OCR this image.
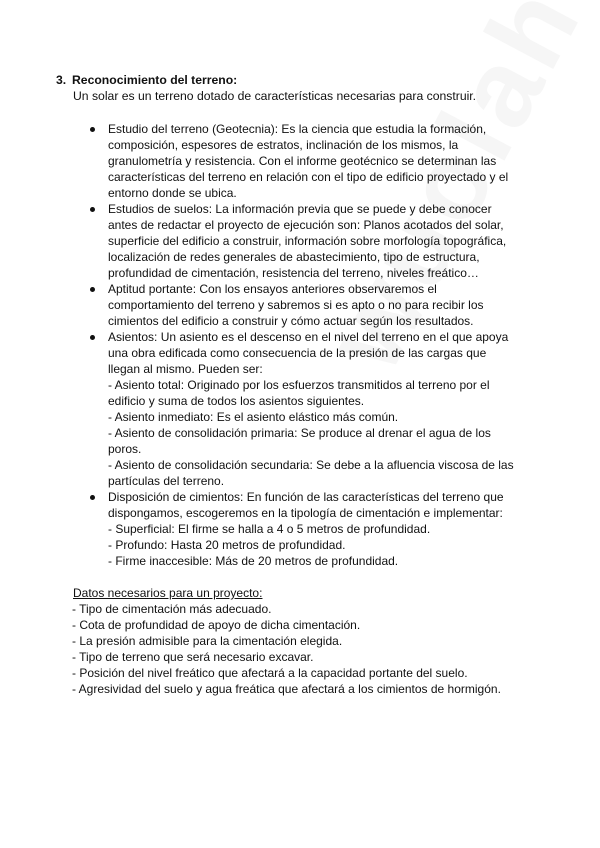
3. Reconocimiento del terreno:
Un solar es un terreno dotado de características necesarias para construir.
Estudio del terreno (Geotecnia): Es la ciencia que estudia la formación, composición, espesores de estratos, inclinación de los mismos, la granulometría y resistencia. Con el informe geotécnico se determinan las características del terreno en relación con el tipo de edificio proyectado y el entorno donde se ubica.
Estudios de suelos: La información previa que se puede y debe conocer antes de redactar el proyecto de ejecución son: Planos acotados del solar, superficie del edificio a construir, información sobre morfología topográfica, localización de redes generales de abastecimiento, tipo de estructura, profundidad de cimentación, resistencia del terreno, niveles freático…
Aptitud portante: Con los ensayos anteriores observaremos el comportamiento del terreno y sabremos si es apto o no para recibir los cimientos del edificio a construir y cómo actuar según los resultados.
Asientos: Un asiento es el descenso en el nivel del terreno en el que apoya una obra edificada como consecuencia de la presión de las cargas que llegan al mismo. Pueden ser:
- Asiento total: Originado por los esfuerzos transmitidos al terreno por el edificio y suma de todos los asientos siguientes.
- Asiento inmediato: Es el asiento elástico más común.
- Asiento de consolidación primaria: Se produce al drenar el agua de los poros.
- Asiento de consolidación secundaria: Se debe a la afluencia viscosa de las partículas del terreno.
Disposición de cimientos: En función de las características del terreno que dispongamos, escogeremos en la tipología de cimentación e implementar:
- Superficial: El firme se halla a 4 o 5 metros de profundidad.
- Profundo: Hasta 20 metros de profundidad.
- Firme inaccesible: Más de 20 metros de profundidad.
Datos necesarios para un proyecto:
- Tipo de cimentación más adecuado.
- Cota de profundidad de apoyo de dicha cimentación.
- La presión admisible para la cimentación elegida.
- Tipo de terreno que será necesario excavar.
- Posición del nivel freático que afectará a la capacidad portante del suelo.
- Agresividad del suelo y agua freática que afectará a los cimientos de hormigón.
